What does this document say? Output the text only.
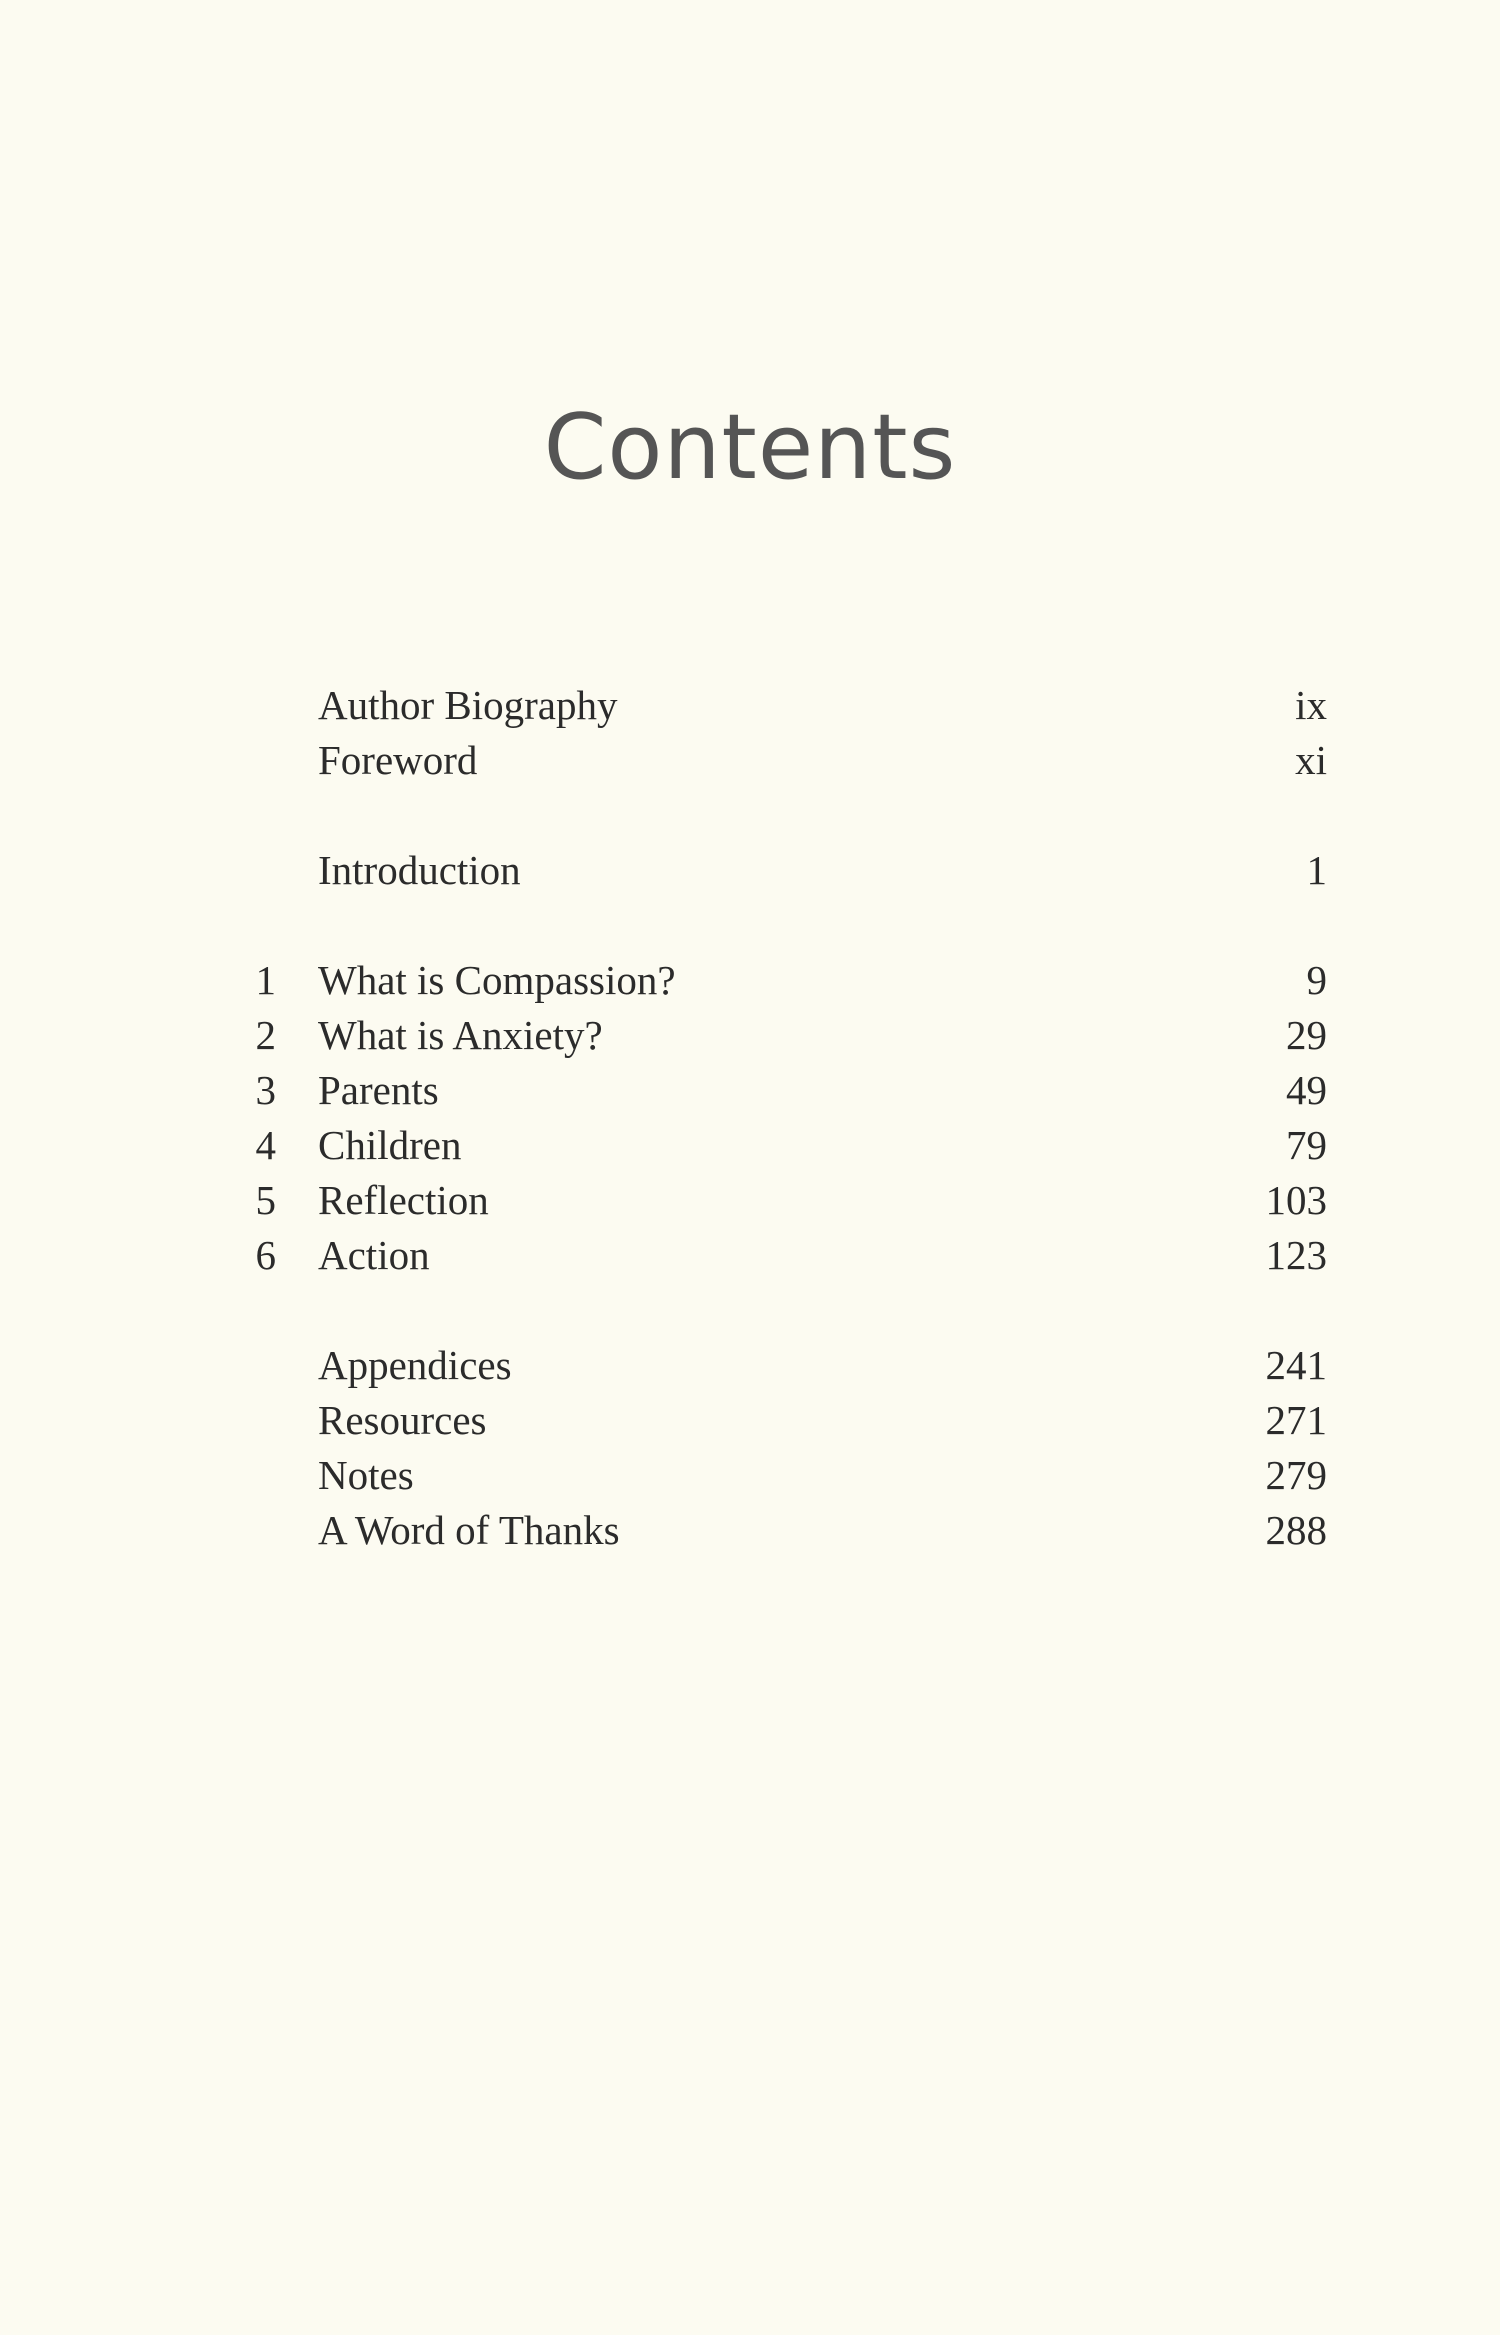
Contents
Author Biography	ix
Foreword	xi
Introduction	1
1 What is Compassion?	9
2 What is Anxiety?	29
3 Parents	49
4 Children	79
5 Reflection	103
6 Action	123
Appendices	241
Resources	271
Notes	279
A Word of Thanks	288
